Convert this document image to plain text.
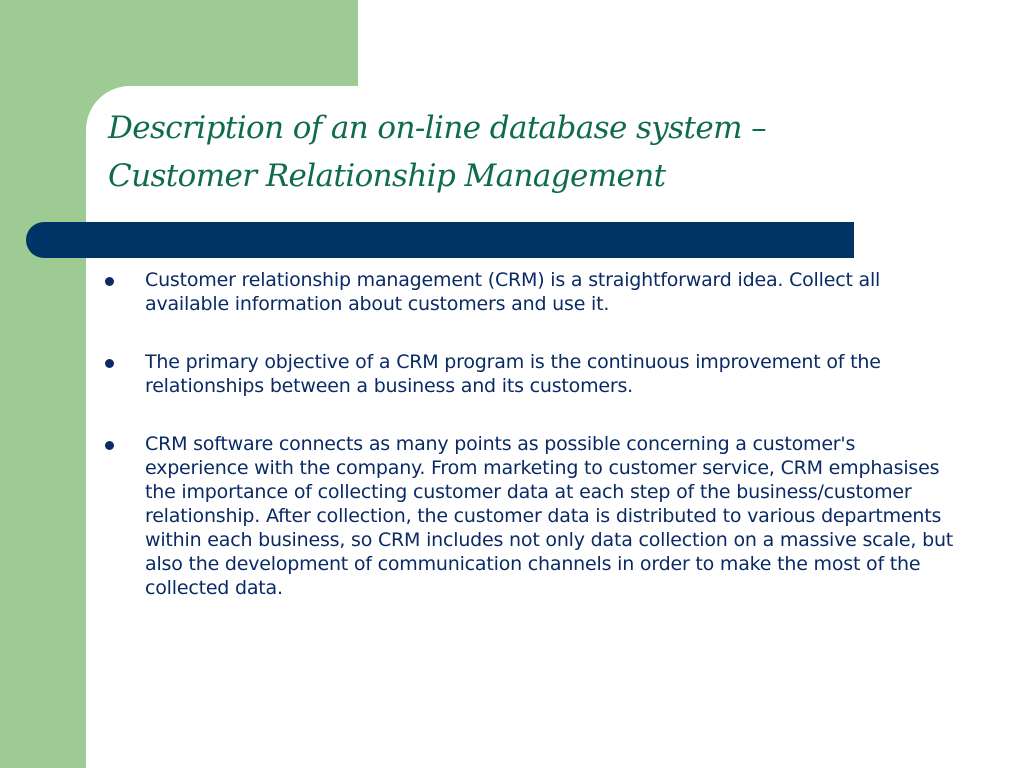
Description of an on-line database system –
Customer Relationship Management
Customer relationship management (CRM) is a straightforward idea. Collect all available information about customers and use it.
The primary objective of a CRM program is the continuous improvement of the relationships between a business and its customers.
CRM software connects as many points as possible concerning a customer's experience with the company. From marketing to customer service, CRM emphasises the importance of collecting customer data at each step of the business/customer relationship. After collection, the customer data is distributed to various departments within each business, so CRM includes not only data collection on a massive scale, but also the development of communication channels in order to make the most of the collected data.
